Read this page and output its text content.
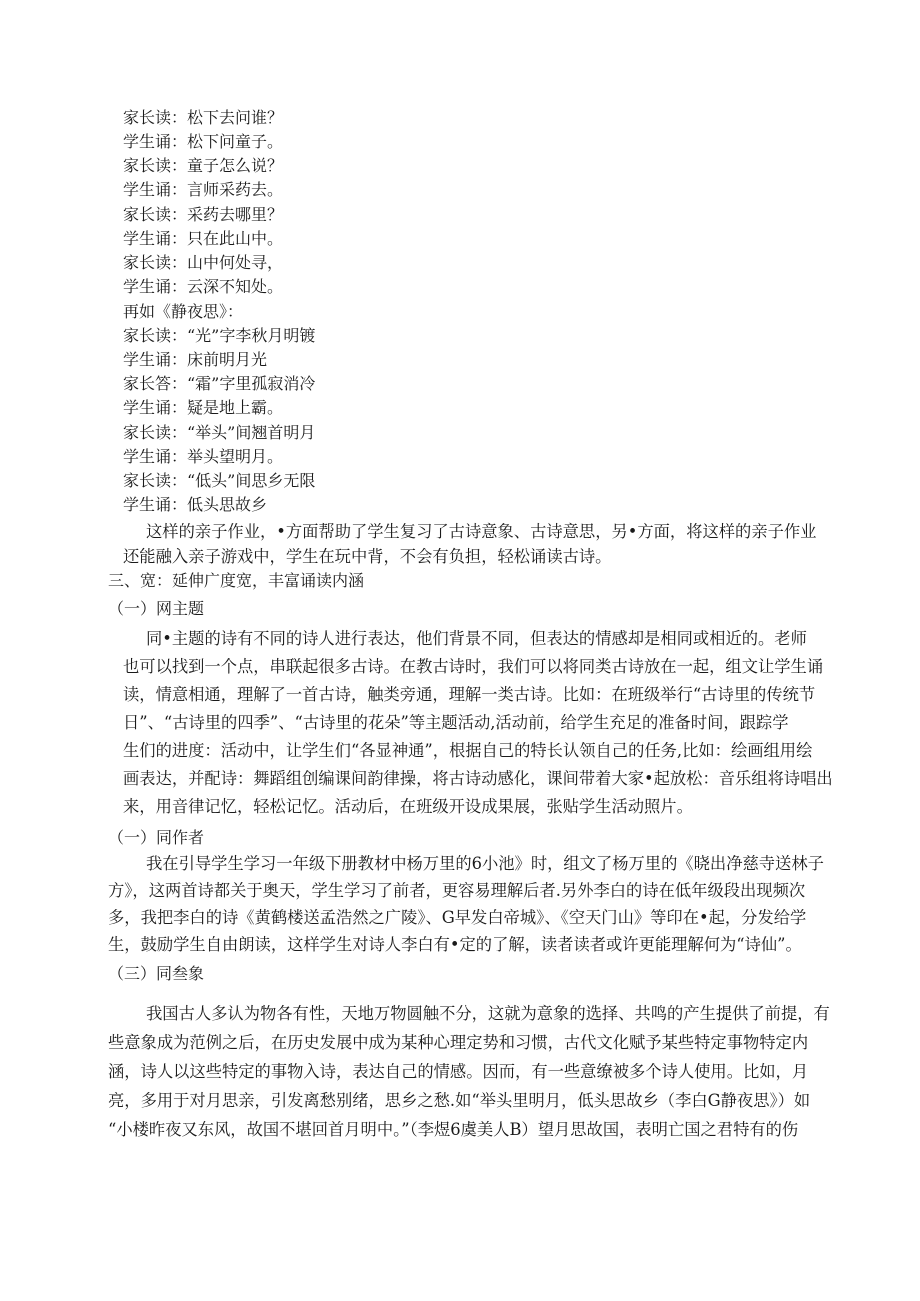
家长读：松下去问谁？
学生诵：松下问童子。
家长读：童子怎么说？
学生诵：言师采药去。
家长读：采药去哪里？
学生诵：只在此山中。
家长读：山中何处寻，
学生诵：云深不知处。
再如《静夜思》：
家长读：“光”字李秋月明镀
学生诵：床前明月光
家长答：“霜”字里孤寂消冷
学生诵：疑是地上霸。
家长读：“举头”间翘首明月
学生诵：举头望明月。
家长读：“低头”间思乡无限
学生诵：低头思故乡
这样的亲子作业，•方面帮助了学生复习了古诗意象、古诗意思，另•方面，将这样的亲子作业
还能融入亲子游戏中，学生在玩中背，不会有负担，轻松诵读古诗。
三、宽：延伸广度宽，丰富诵读内涵
（一）网主题
同•主题的诗有不同的诗人进行表达，他们背景不同，但表达的情感却是相同或相近的。老师
也可以找到一个点，串联起很多古诗。在教古诗时，我们可以将同类古诗放在一起，组文让学生诵
读，情意相通，理解了一首古诗，触类旁通，理解一类古诗。比如：在班级举行“古诗里的传统节
日”、“古诗里的四季”、“古诗里的花朵”等主题活动,活动前，给学生充足的准备时间，跟踪学
生们的进度：活动中，让学生们“各显神通”，根据自己的特长认领自己的任务,比如：绘画组用绘
画表达，并配诗：舞蹈组创编课间韵律操，将古诗动感化，课间带着大家•起放松：音乐组将诗唱出
来，用音律记忆，轻松记忆。活动后，在班级开设成果展，张贴学生活动照片。
（一）同作者
我在引导学生学习一年级下册教材中杨万里的6小池》时，组文了杨万里的《晓出净慈寺送林子
方》，这两首诗都关于奥天，学生学习了前者，更容易理解后者.另外李白的诗在低年级段出现频次
多，我把李白的诗《黄鹤楼送孟浩然之广陵》、G早发白帝城》、《空天门山》等印在•起，分发给学
生，鼓励学生自由朗读，这样学生对诗人李白有•定的了解，读者读者或许更能理解何为“诗仙”。
（三）同叁象
我国古人多认为物各有性，天地万物圆触不分，这就为意象的选择、共鸣的产生提供了前提，有
些意象成为范例之后，在历史发展中成为某种心理定势和习惯，古代文化赋予某些特定事物特定内
涵，诗人以这些特定的事物入诗，表达自己的情感。因而，有一些意缭被多个诗人使用。比如，月
亮，多用于对月思亲，引发离愁别绪，思乡之愁.如“举头里明月，低头思故乡（李白G静夜思》）如
“小楼昨夜又东风，故国不堪回首月明中。”（李煜6虞美人B）望月思故国，表明亡国之君特有的伤
